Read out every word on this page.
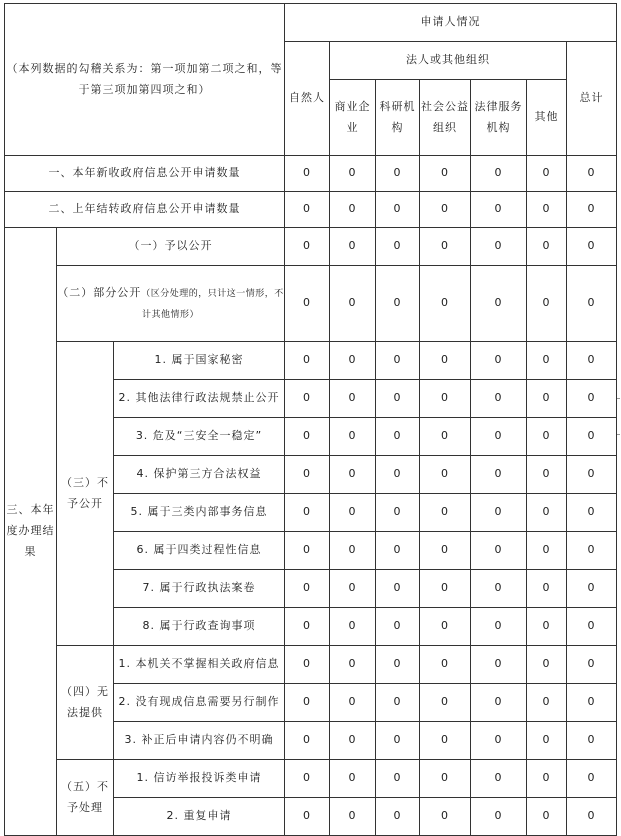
（本列数据的勾稽关系为：第一项加第二项之和，等于第三项加第四项之和）			申请人情况						
			自然人	法人或其他组织					总计
				商业企业	科研机构	社会公益组织	法律服务机构	其他	
一、本年新收政府信息公开申请数量			0	0	0	0	0	0	0
二、上年结转政府信息公开申请数量			0	0	0	0	0	0	0
三、本年度办理结果	（一）予以公开		0	0	0	0	0	0	0
	（二）部分公开（区分处理的，只计这一情形，不计其他情形）		0	0	0	0	0	0	0
	（三）不予公开	1. 属于国家秘密	0	0	0	0	0	0	0
		2. 其他法律行政法规禁止公开	0	0	0	0	0	0	0
		3. 危及“三安全一稳定”	0	0	0	0	0	0	0
		4. 保护第三方合法权益	0	0	0	0	0	0	0
		5. 属于三类内部事务信息	0	0	0	0	0	0	0
		6. 属于四类过程性信息	0	0	0	0	0	0	0
		7. 属于行政执法案卷	0	0	0	0	0	0	0
		8. 属于行政查询事项	0	0	0	0	0	0	0
	（四）无法提供	1. 本机关不掌握相关政府信息	0	0	0	0	0	0	0
		2. 没有现成信息需要另行制作	0	0	0	0	0	0	0
		3. 补正后申请内容仍不明确	0	0	0	0	0	0	0
	（五）不予处理	1. 信访举报投诉类申请	0	0	0	0	0	0	0
		2. 重复申请	0	0	0	0	0	0	0
